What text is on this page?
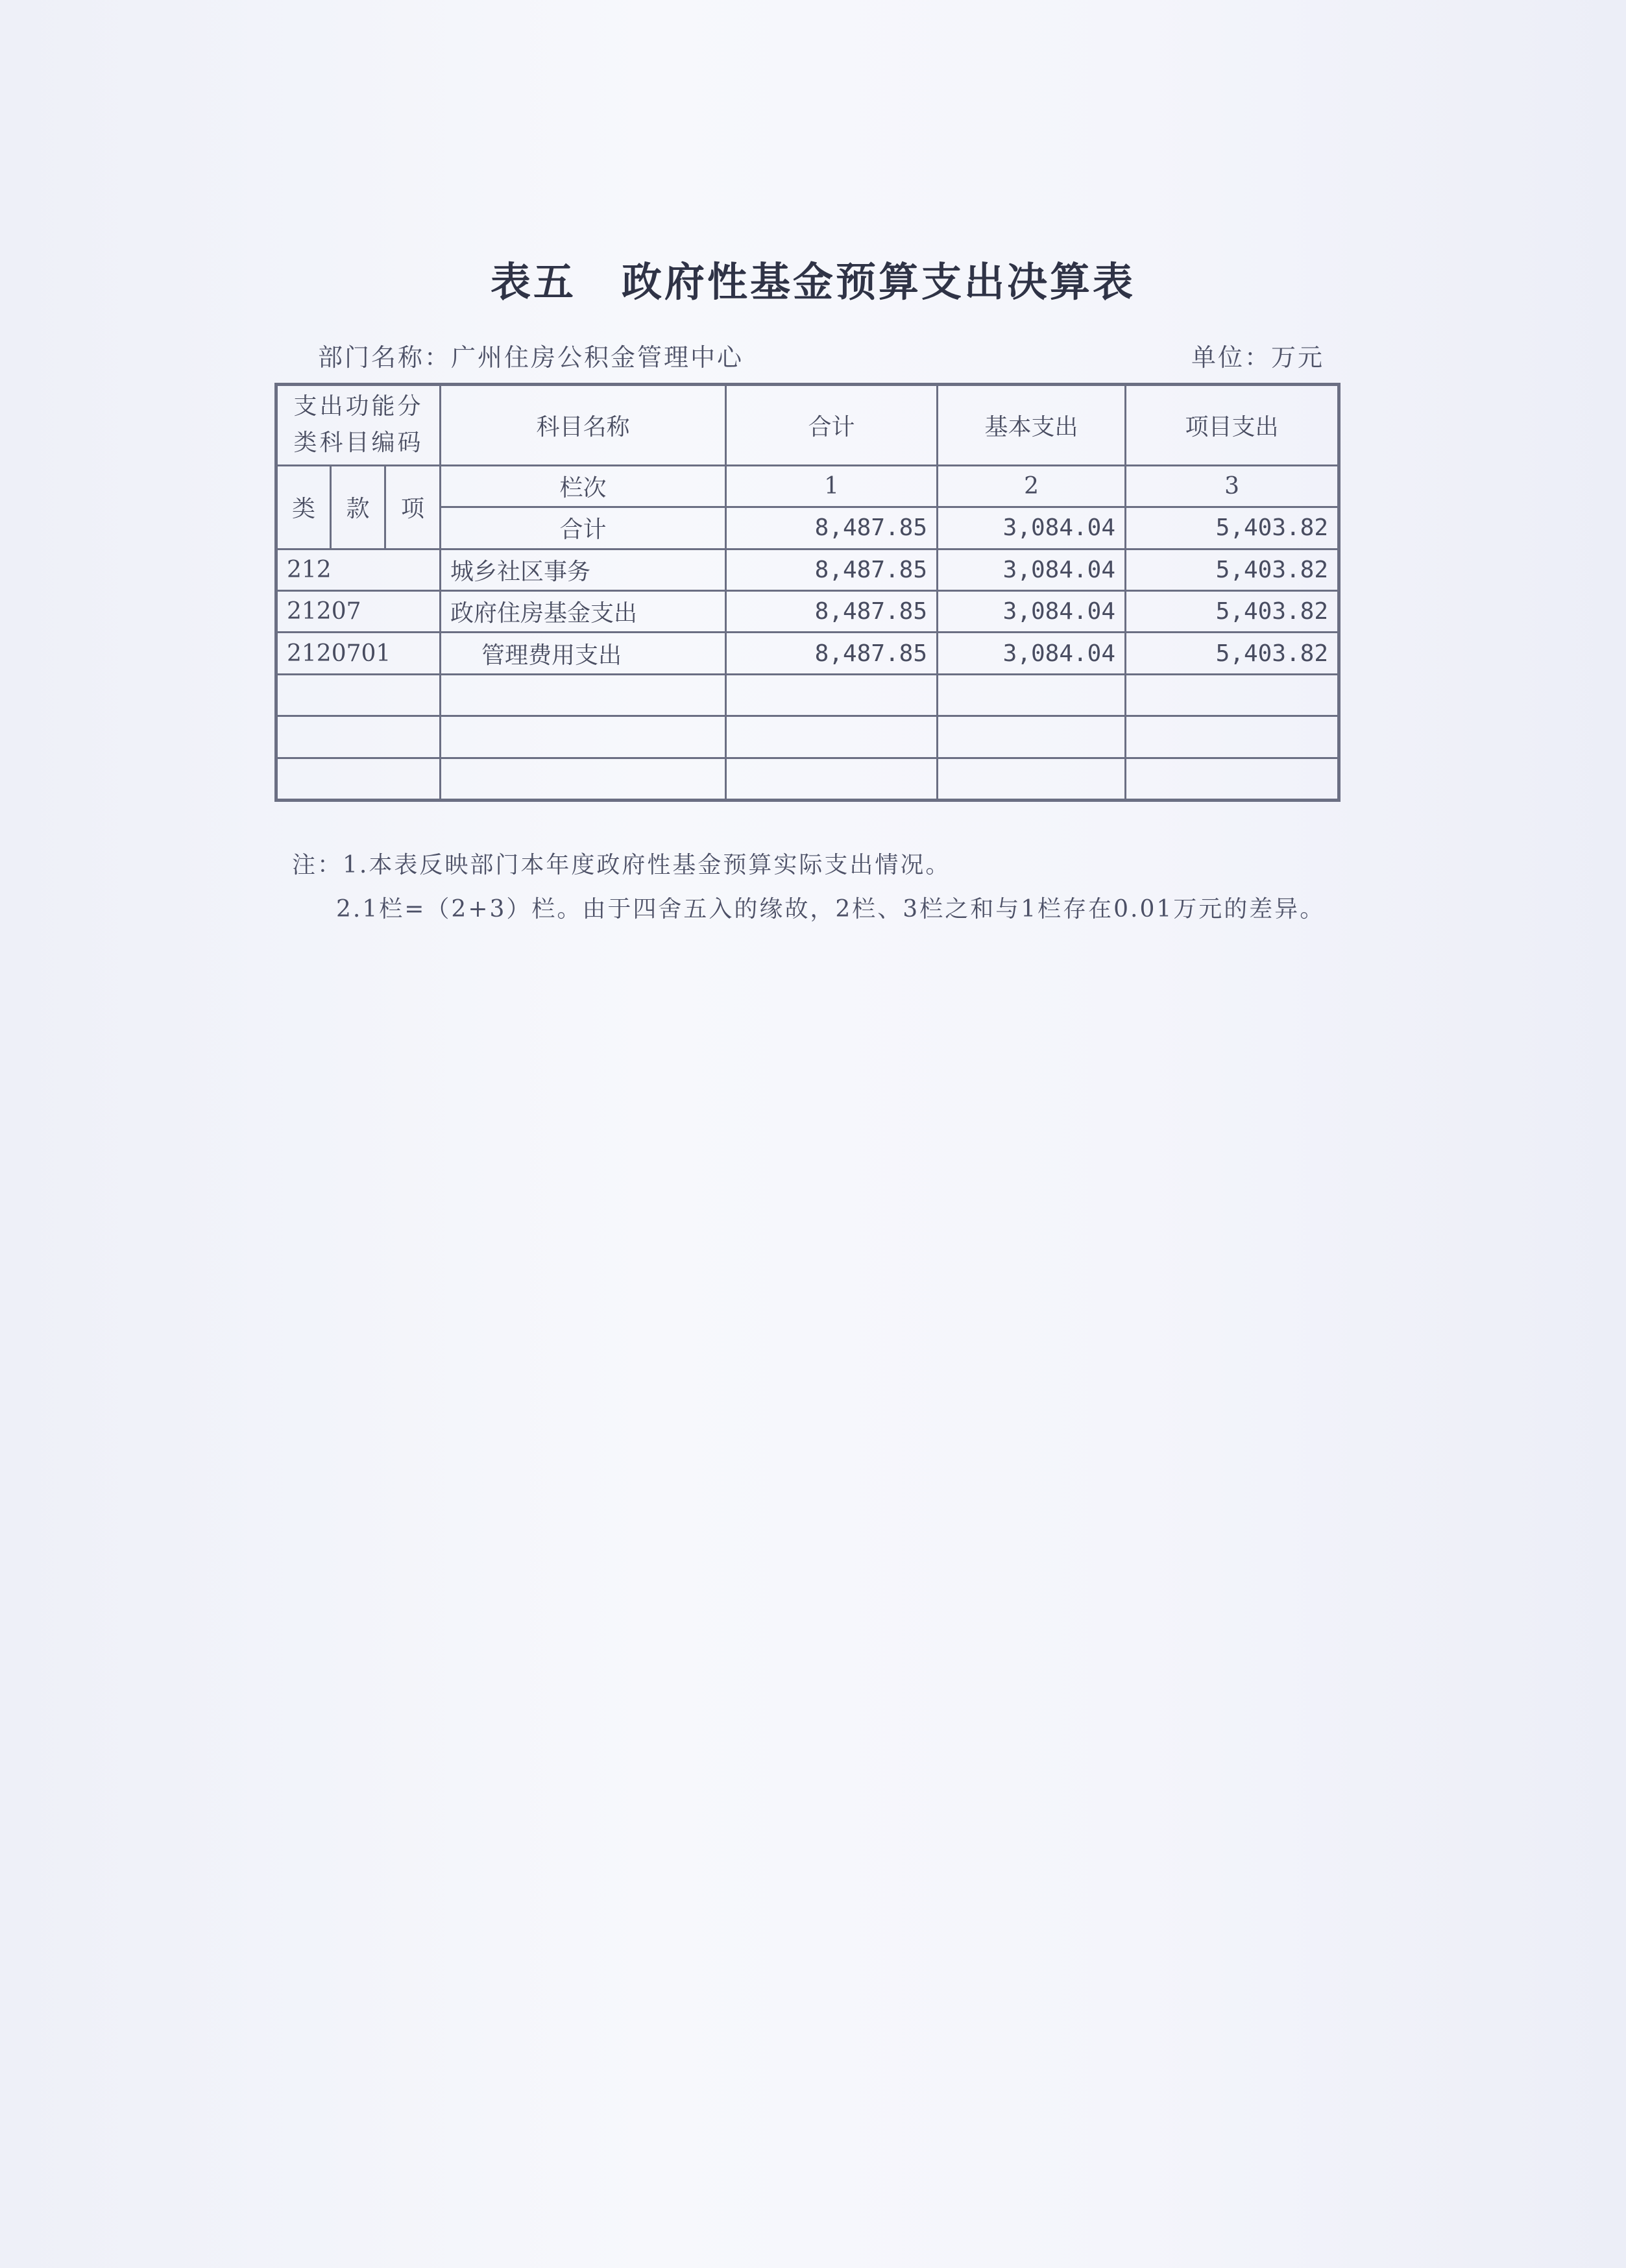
表五 政府性基金预算支出决算表
部门名称：广州住房公积金管理中心	单位：万元
支出功能分
类科目编码			科目名称	合计	基本支出	项目支出
类	款	项	栏次	1	2	3
			合计	8,487.85	3,084.04	5,403.82
212			城乡社区事务	8,487.85	3,084.04	5,403.82
21207			政府住房基金支出	8,487.85	3,084.04	5,403.82
2120701			管理费用支出	8,487.85	3,084.04	5,403.82

注：1.本表反映部门本年度政府性基金预算实际支出情况。
2.1栏=（2+3）栏。由于四舍五入的缘故，2栏、3栏之和与1栏存在0.01万元的差异。
